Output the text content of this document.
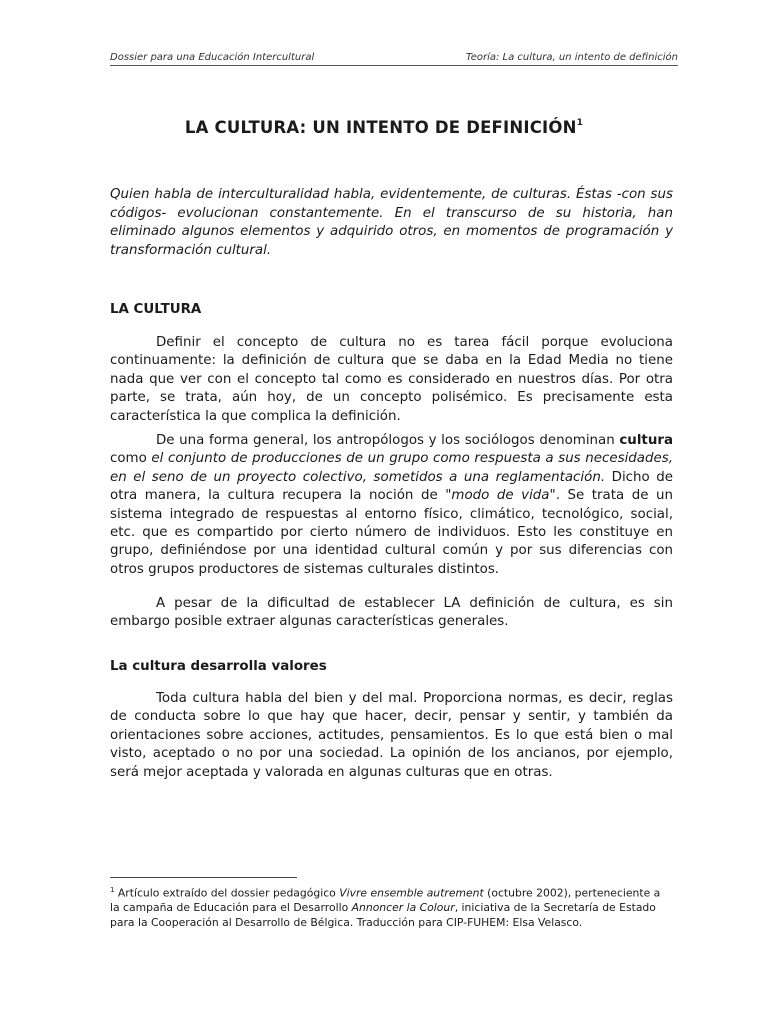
Dossier para una Educación Intercultural	Teoría: La cultura, un intento de definición
LA CULTURA: UN INTENTO DE DEFINICIÓN$^1$
Quien habla de interculturalidad habla, evidentemente, de culturas. Éstas -con sus códigos- evolucionan constantemente. En el transcurso de su historia, han eliminado algunos elementos y adquirido otros, en momentos de programación y transformación cultural.
LA CULTURA
Definir el concepto de cultura no es tarea fácil porque evoluciona continuamente: la definición de cultura que se daba en la Edad Media no tiene nada que ver con el concepto tal como es considerado en nuestros días. Por otra parte, se trata, aún hoy, de un concepto polisémico. Es precisamente esta característica la que complica la definición.
De una forma general, los antropólogos y los sociólogos denominan cultura como el conjunto de producciones de un grupo como respuesta a sus necesidades, en el seno de un proyecto colectivo, sometidos a una reglamentación. Dicho de otra manera, la cultura recupera la noción de "modo de vida". Se trata de un sistema integrado de respuestas al entorno físico, climático, tecnológico, social, etc. que es compartido por cierto número de individuos. Esto les constituye en grupo, definiéndose por una identidad cultural común y por sus diferencias con otros grupos productores de sistemas culturales distintos.
A pesar de la dificultad de establecer LA definición de cultura, es sin embargo posible extraer algunas características generales.
La cultura desarrolla valores
Toda cultura habla del bien y del mal. Proporciona normas, es decir, reglas de conducta sobre lo que hay que hacer, decir, pensar y sentir, y también da orientaciones sobre acciones, actitudes, pensamientos. Es lo que está bien o mal visto, aceptado o no por una sociedad. La opinión de los ancianos, por ejemplo, será mejor aceptada y valorada en algunas culturas que en otras.
$^1$ Artículo extraído del dossier pedagógico Vivre ensemble autrement (octubre 2002), perteneciente a la campaña de Educación para el Desarrollo Annoncer la Colour, iniciativa de la Secretaría de Estado para la Cooperación al Desarrollo de Bélgica. Traducción para CIP-FUHEM: Elsa Velasco.
